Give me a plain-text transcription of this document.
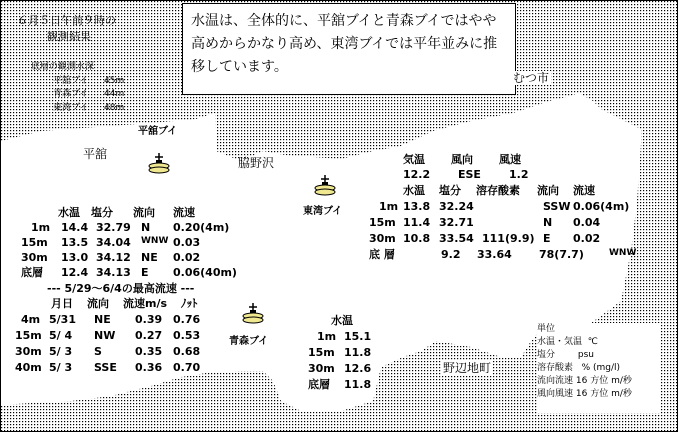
６月５日午前９時の
観測結果
底層の観測水深
平舘ブイ 45m
青森ブイ 44m
東湾ブイ 48m
水温は、全体的に、平舘ブイと青森ブイではやや高めからかなり高め、東湾ブイでは平年並みに推移しています。
むつ市
平舘
脇野沢
野辺地町
平舘ブイ
東湾ブイ
青森ブイ
水温 塩分 流向 流速
1m 14.4 32.79 N 0.20(4m)
15m 13.5 34.04 WNW 0.03
30m 13.0 34.12 NE 0.02
底層 12.4 34.13 E 0.06(40m)
--- 5/29～6/4の最高流速 ---
月日 流向 流速m/s ﾉｯﾄ
4m 5/31 NE 0.39 0.76
15m 5/ 4 NW 0.27 0.53
30m 5/ 3 S	0.35 0.68
40m 5/ 3 SSE 0.36 0.70
気温 風向 風速
12.2	ESE	1.2
水温 塩分 溶存酸素 流向 流速
1m 13.8 32.24	SSW 0.06(4m)
15m 11.4 32.71	N 0.04
30m 10.8 33.54 111(9.9) E 0.02
底 層	9.2 33.64 78(7.7)	WNW
水温
1m 15.1
15m 11.8
30m 12.6
底層 11.8
単位
水温・気温 ℃
塩分	psu
溶存酸素 % (mg/l)
流向流速 16 方位 m/秒
風向風速 16 方位 m/秒
